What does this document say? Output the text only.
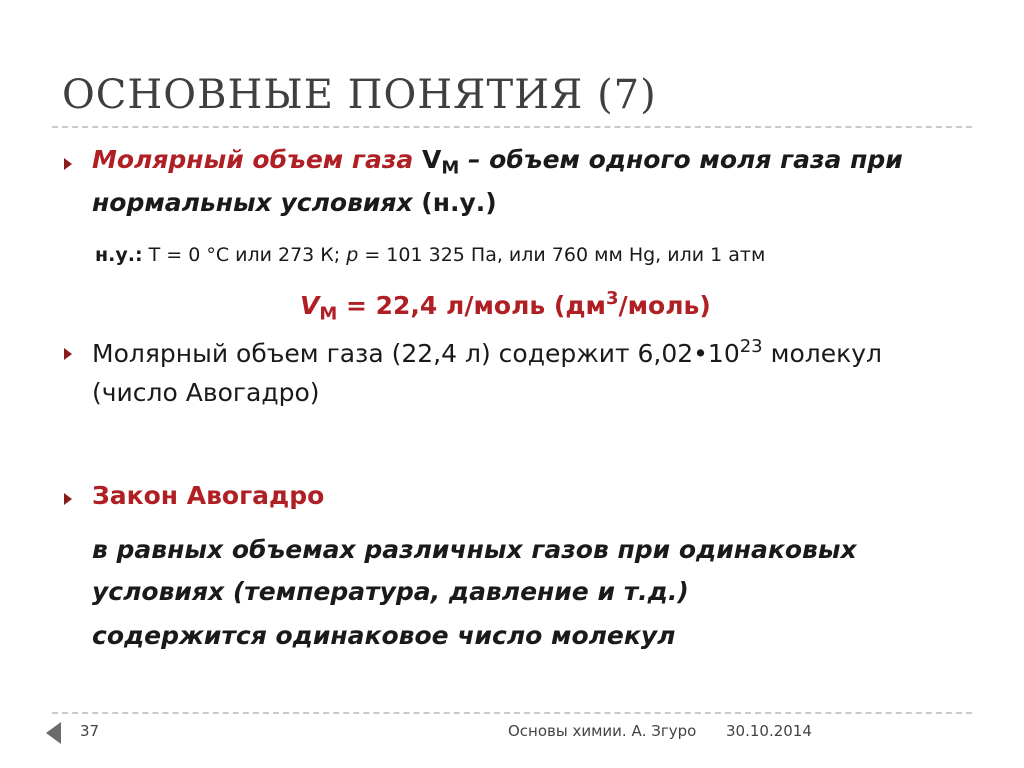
ОСНОВНЫЕ ПОНЯТИЯ (7)
Молярный объем газа $V_M$ – объем одного моля газа при
нормальных условиях (н.у.)
н.у.: Т = 0 °С или 273 К; p = 101 325 Па, или 760 мм Hg, или 1 атм
$V_M = 22,4$ л/моль $(дм^3/моль)$
Молярный объем газа (22,4 л) содержит $6,02•10^{23}$ молекул
(число Авогадро)
Закон Авогадро
в равных объемах различных газов при одинаковых
условиях (температура, давление и т.д.)
содержится одинаковое число молекул
37	Основы химии. А. Згуро 30.10.2014
